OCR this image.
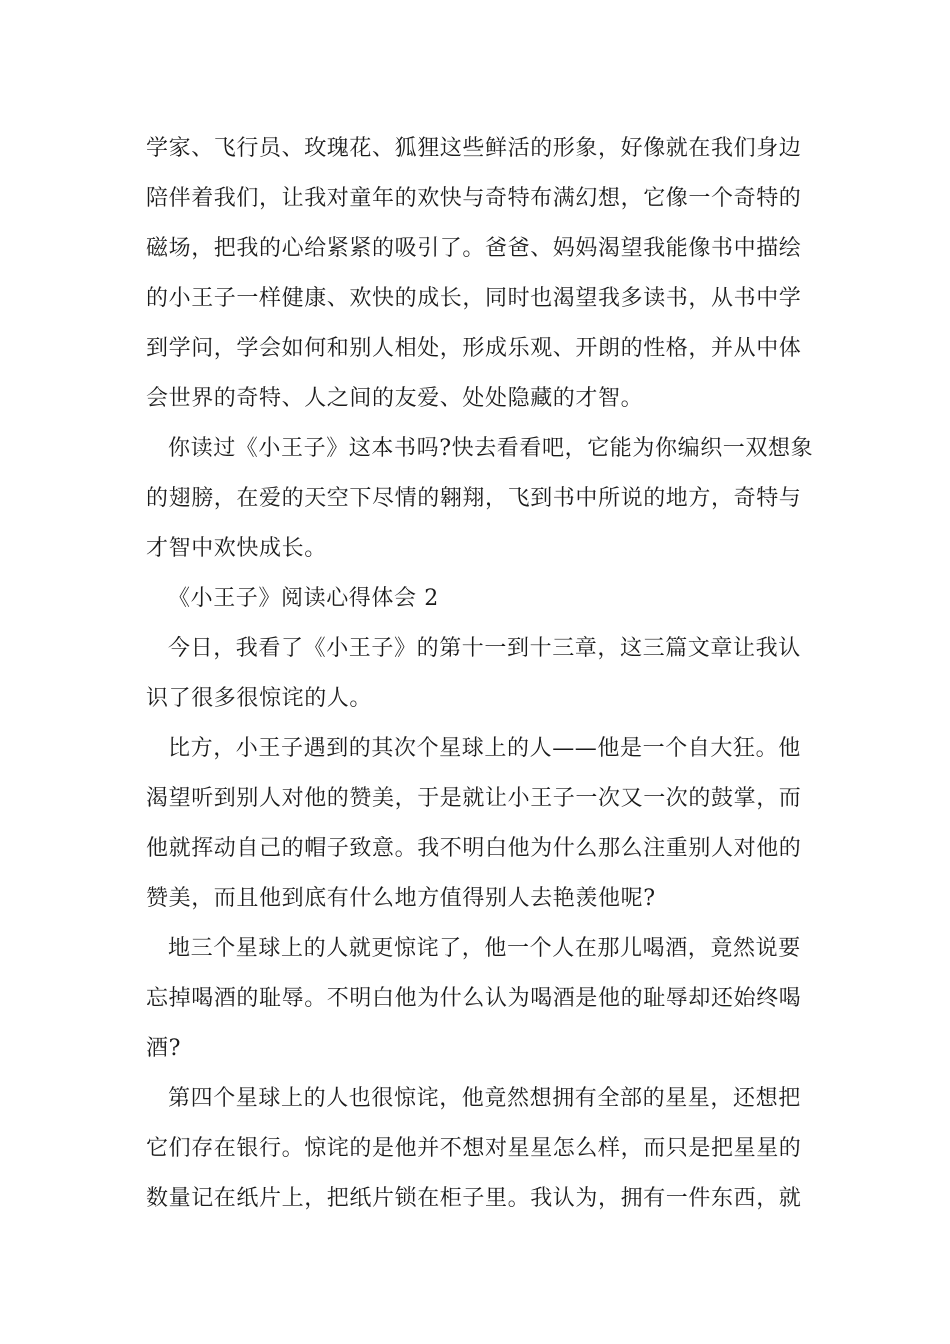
学家、飞行员、玫瑰花、狐狸这些鲜活的形象，好像就在我们身边
陪伴着我们，让我对童年的欢快与奇特布满幻想，它像一个奇特的
磁场，把我的心给紧紧的吸引了。爸爸、妈妈渴望我能像书中描绘
的小王子一样健康、欢快的成长，同时也渴望我多读书，从书中学
到学问，学会如何和别人相处，形成乐观、开朗的性格，并从中体
会世界的奇特、人之间的友爱、处处隐藏的才智。

你读过《小王子》这本书吗?快去看看吧，它能为你编织一双想象
的翅膀，在爱的天空下尽情的翱翔，飞到书中所说的地方，奇特与
才智中欢快成长。

《小王子》阅读心得体会 2

今日，我看了《小王子》的第十一到十三章，这三篇文章让我认
识了很多很惊诧的人。

比方，小王子遇到的其次个星球上的人——他是一个自大狂。他
渴望听到别人对他的赞美，于是就让小王子一次又一次的鼓掌，而
他就挥动自己的帽子致意。我不明白他为什么那么注重别人对他的
赞美，而且他到底有什么地方值得别人去艳羡他呢?

地三个星球上的人就更惊诧了，他一个人在那儿喝酒，竟然说要
忘掉喝酒的耻辱。不明白他为什么认为喝酒是他的耻辱却还始终喝
酒?

第四个星球上的人也很惊诧，他竟然想拥有全部的星星，还想把
它们存在银行。惊诧的是他并不想对星星怎么样，而只是把星星的
数量记在纸片上，把纸片锁在柜子里。我认为，拥有一件东西，就
